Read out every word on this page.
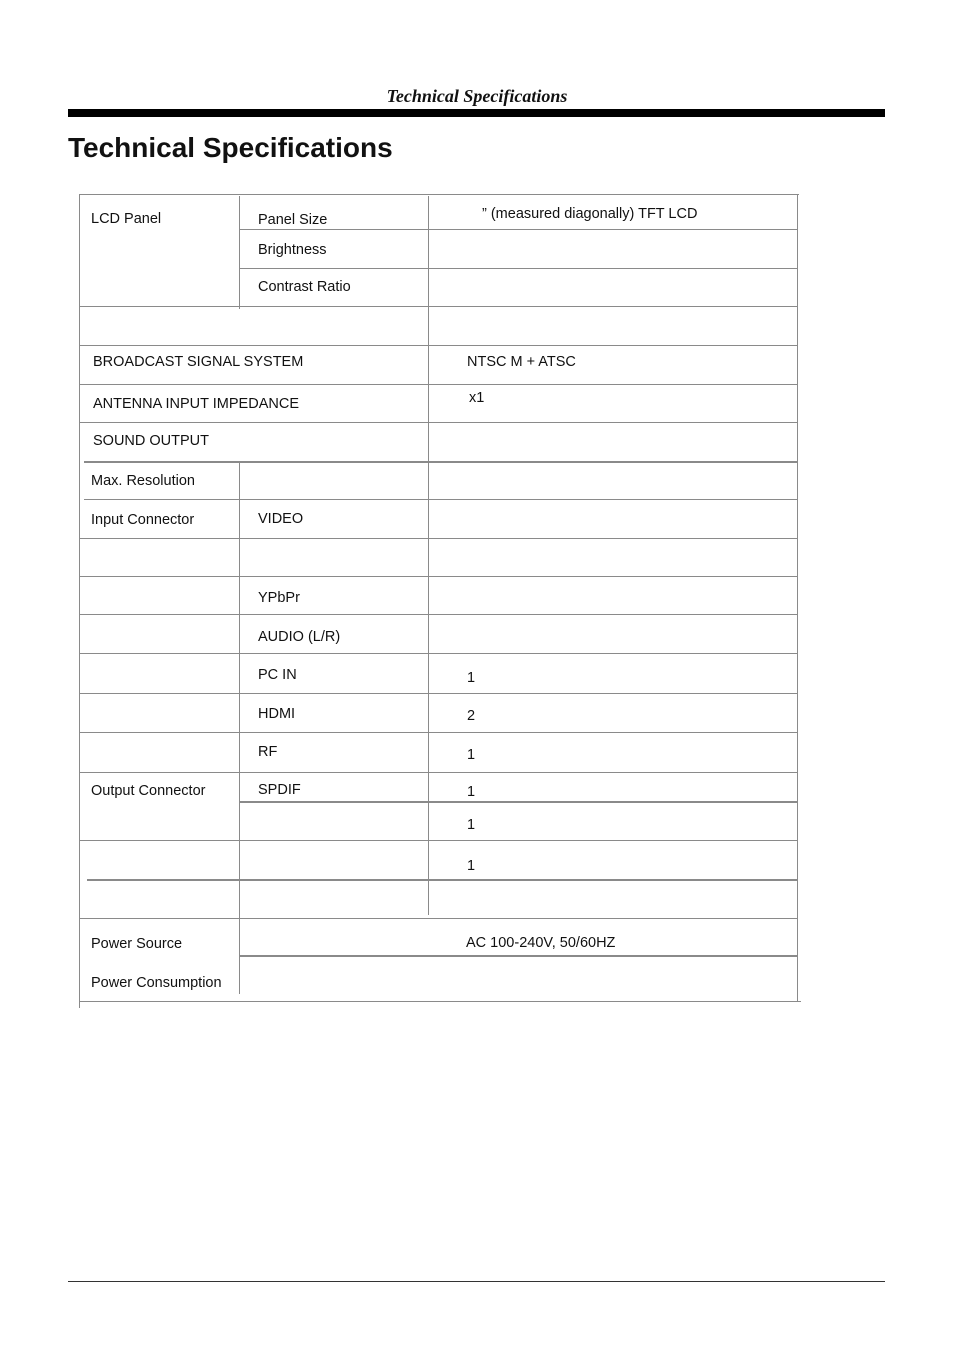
Technical Specifications
Technical Specifications
LCD Panel
BROADCAST SIGNAL SYSTEM
ANTENNA INPUT IMPEDANCE
SOUND OUTPUT
Max. Resolution
Input Connector
Output Connector
Power Source
Power Consumption
Panel Size
Brightness
Contrast Ratio
VIDEO
YPbPr
AUDIO (L/R)
PC IN
HDMI
RF
SPDIF
” (measured diagonally) TFT LCD
NTSC M + ATSC
x1
1
2
1
1
1
1
AC 100-240V, 50/60HZ
